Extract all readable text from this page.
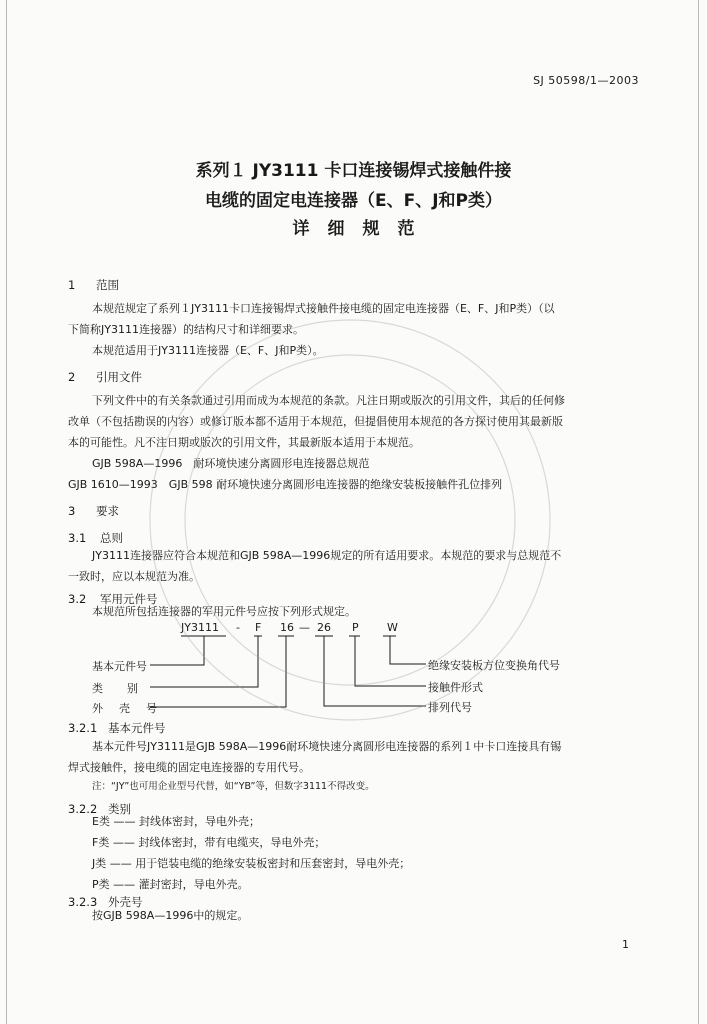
SJ 50598/1—2003
系列１ JY3111 卡口连接锡焊式接触件接
电缆的固定电连接器（E、F、J和P类）
详细规范
1 范围
本规范规定了系列１JY3111卡口连接锡焊式接触件接电缆的固定电连接器（E、F、J和P类）（以
下简称JY3111连接器）的结构尺寸和详细要求。
本规范适用于JY3111连接器（E、F、J和P类）。
2 引用文件
下列文件中的有关条款通过引用而成为本规范的条款。凡注日期或版次的引用文件，其后的任何修
改单（不包括勘误的内容）或修订版本都不适用于本规范，但提倡使用本规范的各方探讨使用其最新版
本的可能性。凡不注日期或版次的引用文件，其最新版本适用于本规范。
GJB 598A—1996　耐环境快速分离圆形电连接器总规范
GJB 1610—1993　GJB 598 耐环境快速分离圆形电连接器的绝缘安装板接触件孔位排列
3 要求
3.1 总则
JY3111连接器应符合本规范和GJB 598A—1996规定的所有适用要求。本规范的要求与总规范不
一致时，应以本规范为准。
3.2 军用元件号
本规范所包括连接器的军用元件号应按下列形式规定。
JY3111 - F 16 — 26 P	W
基本元件号
类别
外壳号
绝缘安装板方位变换角代号
接触件形式
排列代号
3.2.1 基本元件号
基本元件号JY3111是GJB 598A—1996耐环境快速分离圆形电连接器的系列１中卡口连接具有锡
焊式接触件，接电缆的固定电连接器的专用代号。
注：“JY”也可用企业型号代替，如“YB”等，但数字3111不得改变。
3.2.2 类别
E类 —— 封线体密封，导电外壳；
F类 —— 封线体密封，带有电缆夹，导电外壳；
J类 —— 用于铠装电缆的绝缘安装板密封和压套密封，导电外壳；
P类 —— 灌封密封，导电外壳。
3.2.3 外壳号
按GJB 598A—1996中的规定。
1
